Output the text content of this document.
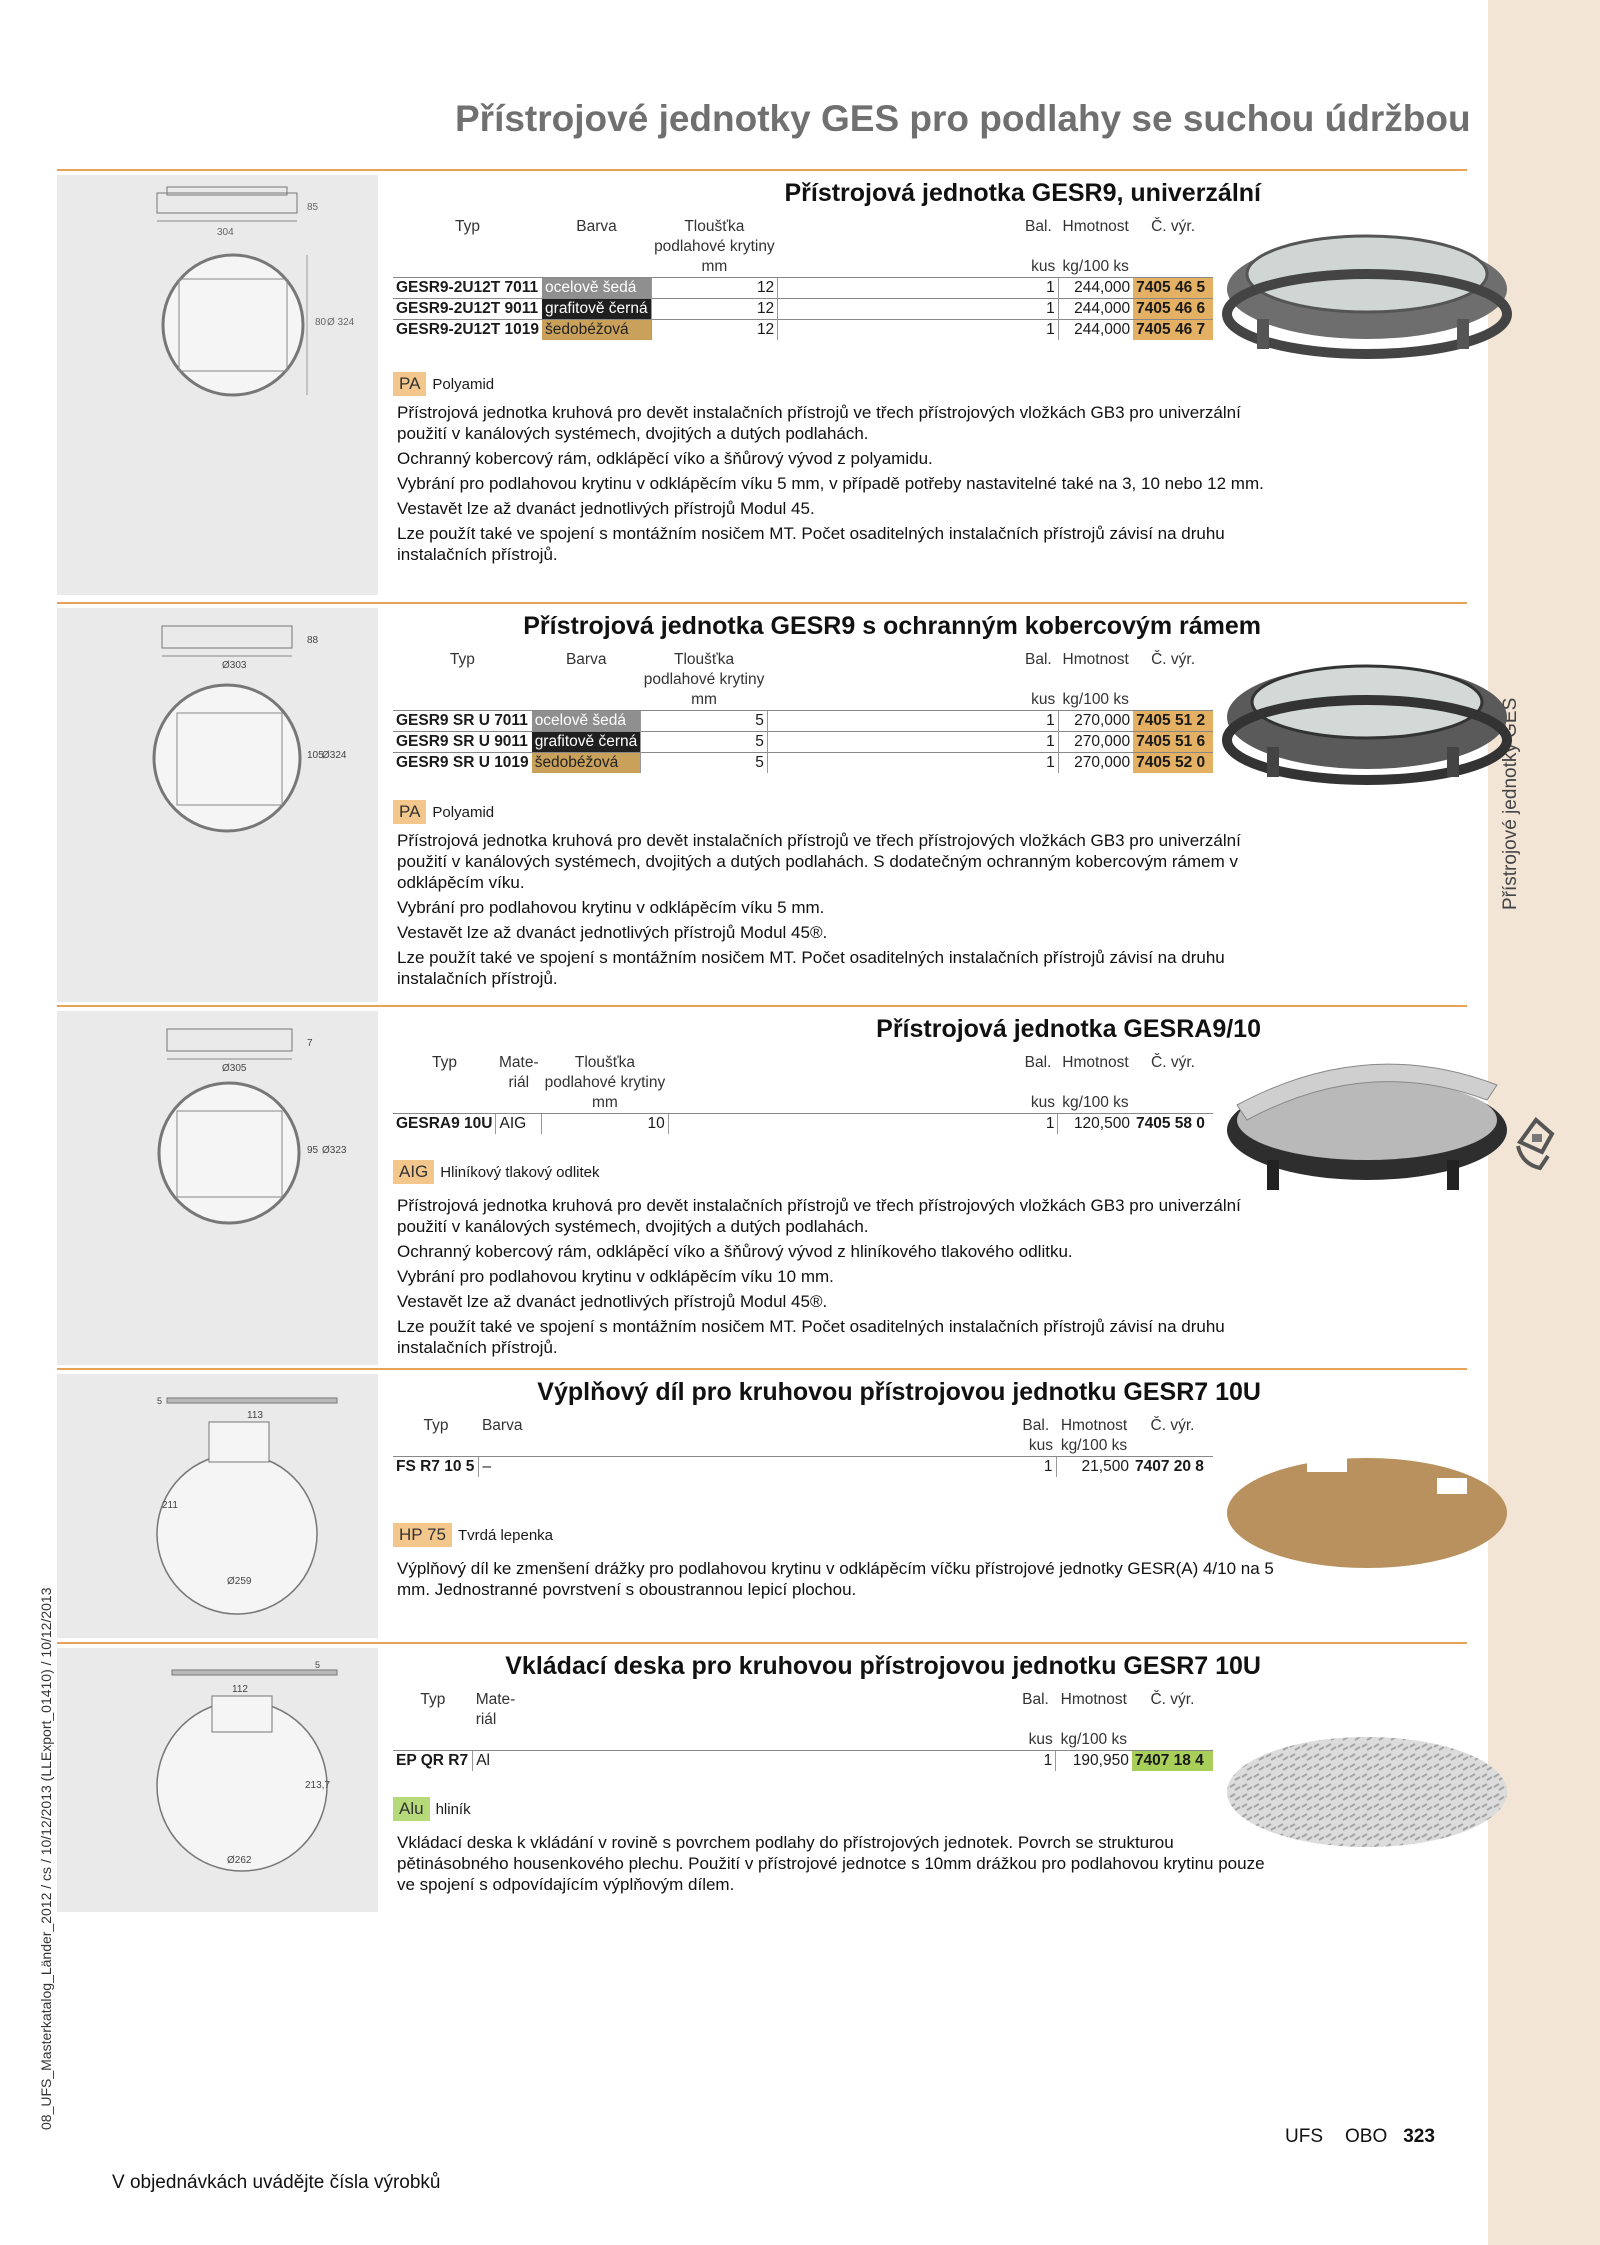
Přístrojové jednotky GES
08_UFS_Masterkatalog_Länder_2012 / cs / 10/12/2013 (LLExport_01410) / 10/12/2013
Přístrojové jednotky GES pro podlahy se suchou údržbou
304
85
80 Ø 324
Přístrojová jednotka GESR9, univerzální
Typ	Barva	Tloušťka
podlahové krytiny		Bal.	Hmotnost	Č. výr.
		mm		kus	kg/100 ks	
GESR9-2U12T 7011	ocelově šedá	12		1	244,000	7405 46 5
GESR9-2U12T 9011	grafitově černá	12		1	244,000	7405 46 6
GESR9-2U12T 1019	šedobéžová	12		1	244,000	7405 46 7
PA Polyamid

Přístrojová jednotka kruhová pro devět instalačních přístrojů ve třech přístrojových vložkách GB3 pro univerzální použití v kanálových systémech, dvojitých a dutých podlahách.

Ochranný kobercový rám, odklápěcí víko a šňůrový vývod z polyamidu.

Vybrání pro podlahovou krytinu v odklápěcím víku 5 mm, v případě potřeby nastavitelné také na 3, 10 nebo 12 mm.

Vestavět lze až dvanáct jednotlivých přístrojů Modul 45.

Lze použít také ve spojení s montážním nosičem MT. Počet osaditelných instalačních přístrojů závisí na druhu instalačních přístrojů.

Ø303
88
105
Ø324
Přístrojová jednotka GESR9 s ochranným kobercovým rámem
Typ	Barva	Tloušťka
podlahové krytiny		Bal.	Hmotnost	Č. výr.
		mm		kus	kg/100 ks	
GESR9 SR U 7011	ocelově šedá	5		1	270,000	7405 51 2
GESR9 SR U 9011	grafitově černá	5		1	270,000	7405 51 6
GESR9 SR U 1019	šedobéžová	5		1	270,000	7405 52 0
PA Polyamid

Přístrojová jednotka kruhová pro devět instalačních přístrojů ve třech přístrojových vložkách GB3 pro univerzální použití v kanálových systémech, dvojitých a dutých podlahách. S dodatečným ochranným kobercovým rámem v odklápěcím víku.

Vybrání pro podlahovou krytinu v odklápěcím víku 5 mm.

Vestavět lze až dvanáct jednotlivých přístrojů Modul 45®.

Lze použít také ve spojení s montážním nosičem MT. Počet osaditelných instalačních přístrojů závisí na druhu instalačních přístrojů.

Ø305
7
95 Ø323
Přístrojová jednotka GESRA9/10
Typ	Mate-
riál	Tloušťka
podlahové krytiny		Bal.	Hmotnost	Č. výr.
		mm		kus	kg/100 ks	
GESRA9 10U	AIG	10		1	120,500	7405 58 0
AIG Hliníkový tlakový odlitek

Přístrojová jednotka kruhová pro devět instalačních přístrojů ve třech přístrojových vložkách GB3 pro univerzální použití v kanálových systémech, dvojitých a dutých podlahách.

Ochranný kobercový rám, odklápěcí víko a šňůrový vývod z hliníkového tlakového odlitku.

Vybrání pro podlahovou krytinu v odklápěcím víku 10 mm.

Vestavět lze až dvanáct jednotlivých přístrojů Modul 45®.

Lze použít také ve spojení s montážním nosičem MT. Počet osaditelných instalačních přístrojů závisí na druhu instalačních přístrojů.

5
113
211
Ø259
Výplňový díl pro kruhovou přístrojovou jednotku GESR7 10U
Typ	Barva	Bal.	Hmotnost	Č. výr.
		kus	kg/100 ks	
FS R7 10 5	–	1	21,500	7407 20 8
HP 75 Tvrdá lepenka

Výplňový díl ke zmenšení drážky pro podlahovou krytinu v odklápěcím víčku přístrojové jednotky GESR(A) 4/10 na 5 mm. Jednostranné povrstvení s oboustrannou lepicí plochou.

5
112
213,7
Ø262
Vkládací deska pro kruhovou přístrojovou jednotku GESR7 10U
Typ	Mate-
riál	Bal.	Hmotnost	Č. výr.
		kus	kg/100 ks	
EP QR R7	Al	1	190,950	7407 18 4
Alu hliník

Vkládací deska k vkládání v rovině s povrchem podlahy do přístrojových jednotek. Povrch se strukturou pětinásobného housenkového plechu. Použití v přístrojové jednotce s 10mm drážkou pro podlahovou krytinu pouze ve spojení s odpovídajícím výplňovým dílem.

V objednávkách uvádějte čísla výrobků
UFS OBO 323
